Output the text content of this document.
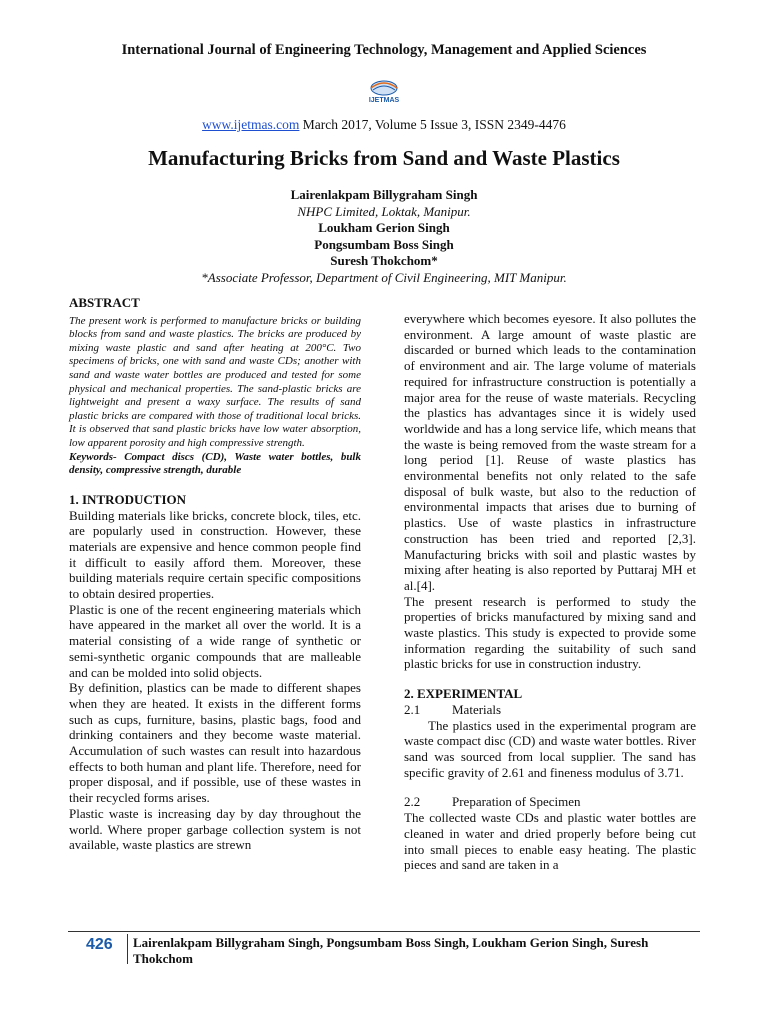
International Journal of Engineering Technology, Management and Applied Sciences
IJETMAS
www.ijetmas.com March 2017, Volume 5 Issue 3, ISSN 2349-4476
Manufacturing Bricks from Sand and Waste Plastics
Lairenlakpam Billygraham Singh
NHPC Limited, Loktak, Manipur.
Loukham Gerion Singh
Pongsumbam Boss Singh
Suresh Thokchom*
*Associate Professor, Department of Civil Engineering, MIT Manipur.
ABSTRACT

The present work is performed to manufacture bricks or building blocks from sand and waste plastics. The bricks are produced by mixing waste plastic and sand after heating at 200°C. Two specimens of bricks, one with sand and waste CDs; another with sand and waste water bottles are produced and tested for some physical and mechanical properties. The sand-plastic bricks are lightweight and present a waxy surface. The results of sand plastic bricks are compared with those of traditional local bricks. It is observed that sand plastic bricks have low water absorption, low apparent porosity and high compressive strength.

Keywords- Compact discs (CD), Waste water bottles, bulk density, compressive strength, durable

1. INTRODUCTION

Building materials like bricks, concrete block, tiles, etc. are popularly used in construction. However, these materials are expensive and hence common people find it difficult to easily afford them. Moreover, these building materials require certain specific compositions to obtain desired properties.

Plastic is one of the recent engineering materials which have appeared in the market all over the world. It is a material consisting of a wide range of synthetic or semi-synthetic organic compounds that are malleable and can be molded into solid objects.

By definition, plastics can be made to different shapes when they are heated. It exists in the different forms such as cups, furniture, basins, plastic bags, food and drinking containers and they become waste material. Accumulation of such wastes can result into hazardous effects to both human and plant life. Therefore, need for proper disposal, and if possible, use of these wastes in their recycled forms arises.

Plastic waste is increasing day by day throughout the world. Where proper garbage collection system is not available, waste plastics are strewn

everywhere which becomes eyesore. It also pollutes the environment. A large amount of waste plastic are discarded or burned which leads to the contamination of environment and air. The large volume of materials required for infrastructure construction is potentially a major area for the reuse of waste materials. Recycling the plastics has advantages since it is widely used worldwide and has a long service life, which means that the waste is being removed from the waste stream for a long period [1]. Reuse of waste plastics has environmental benefits not only related to the safe disposal of bulk waste, but also to the reduction of environmental impacts that arises due to burning of plastics. Use of waste plastics in infrastructure construction has been tried and reported [2,3]. Manufacturing bricks with soil and plastic wastes by mixing after heating is also reported by Puttaraj MH et al.[4].

The present research is performed to study the properties of bricks manufactured by mixing sand and waste plastics. This study is expected to provide some information regarding the suitability of such sand plastic bricks for use in construction industry.

2. EXPERIMENTAL
2.1	Materials

The plastics used in the experimental program are waste compact disc (CD) and waste water bottles. River sand was sourced from local supplier. The sand has specific gravity of 2.61 and fineness modulus of 3.71.

2.2	Preparation of Specimen

The collected waste CDs and plastic water bottles are cleaned in water and dried properly before being cut into small pieces to enable easy heating. The plastic pieces and sand are taken in a

426 Lairenlakpam Billygraham Singh, Pongsumbam Boss Singh, Loukham Gerion Singh, Suresh Thokchom
